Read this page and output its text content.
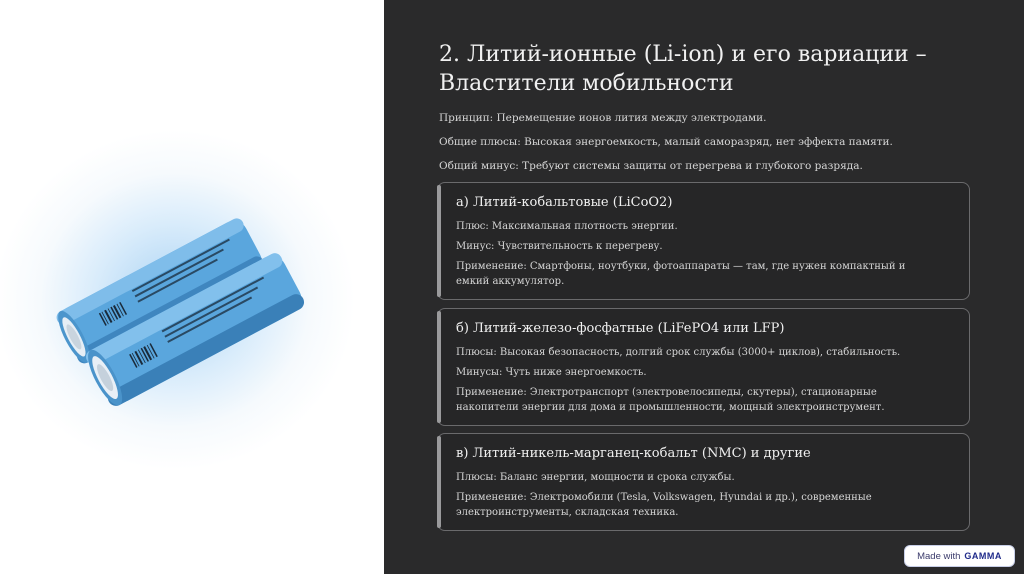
2. Литий-ионные (Li-ion) и его вариации – Властители мобильности

Принцип: Перемещение ионов лития между электродами.

Общие плюсы: Высокая энергоемкость, малый саморазряд, нет эффекта памяти.

Общий минус: Требуют системы защиты от перегрева и глубокого разряда.

а) Литий-кобальтовые (LiCoO2)

Плюс: Максимальная плотность энергии.

Минус: Чувствительность к перегреву.

Применение: Смартфоны, ноутбуки, фотоаппараты — там, где нужен компактный и емкий аккумулятор.

б) Литий-железо-фосфатные (LiFePO4 или LFP)

Плюсы: Высокая безопасность, долгий срок службы (3000+ циклов), стабильность.

Минусы: Чуть ниже энергоемкость.

Применение: Электротранспорт (электровелосипеды, скутеры), стационарные накопители энергии для дома и промышленности, мощный электроинструмент.

в) Литий-никель-марганец-кобальт (NMC) и другие

Плюсы: Баланс энергии, мощности и срока службы.

Применение: Электромобили (Tesla, Volkswagen, Hyundai и др.), современные электроинструменты, складская техника.

Made with GAMMA
